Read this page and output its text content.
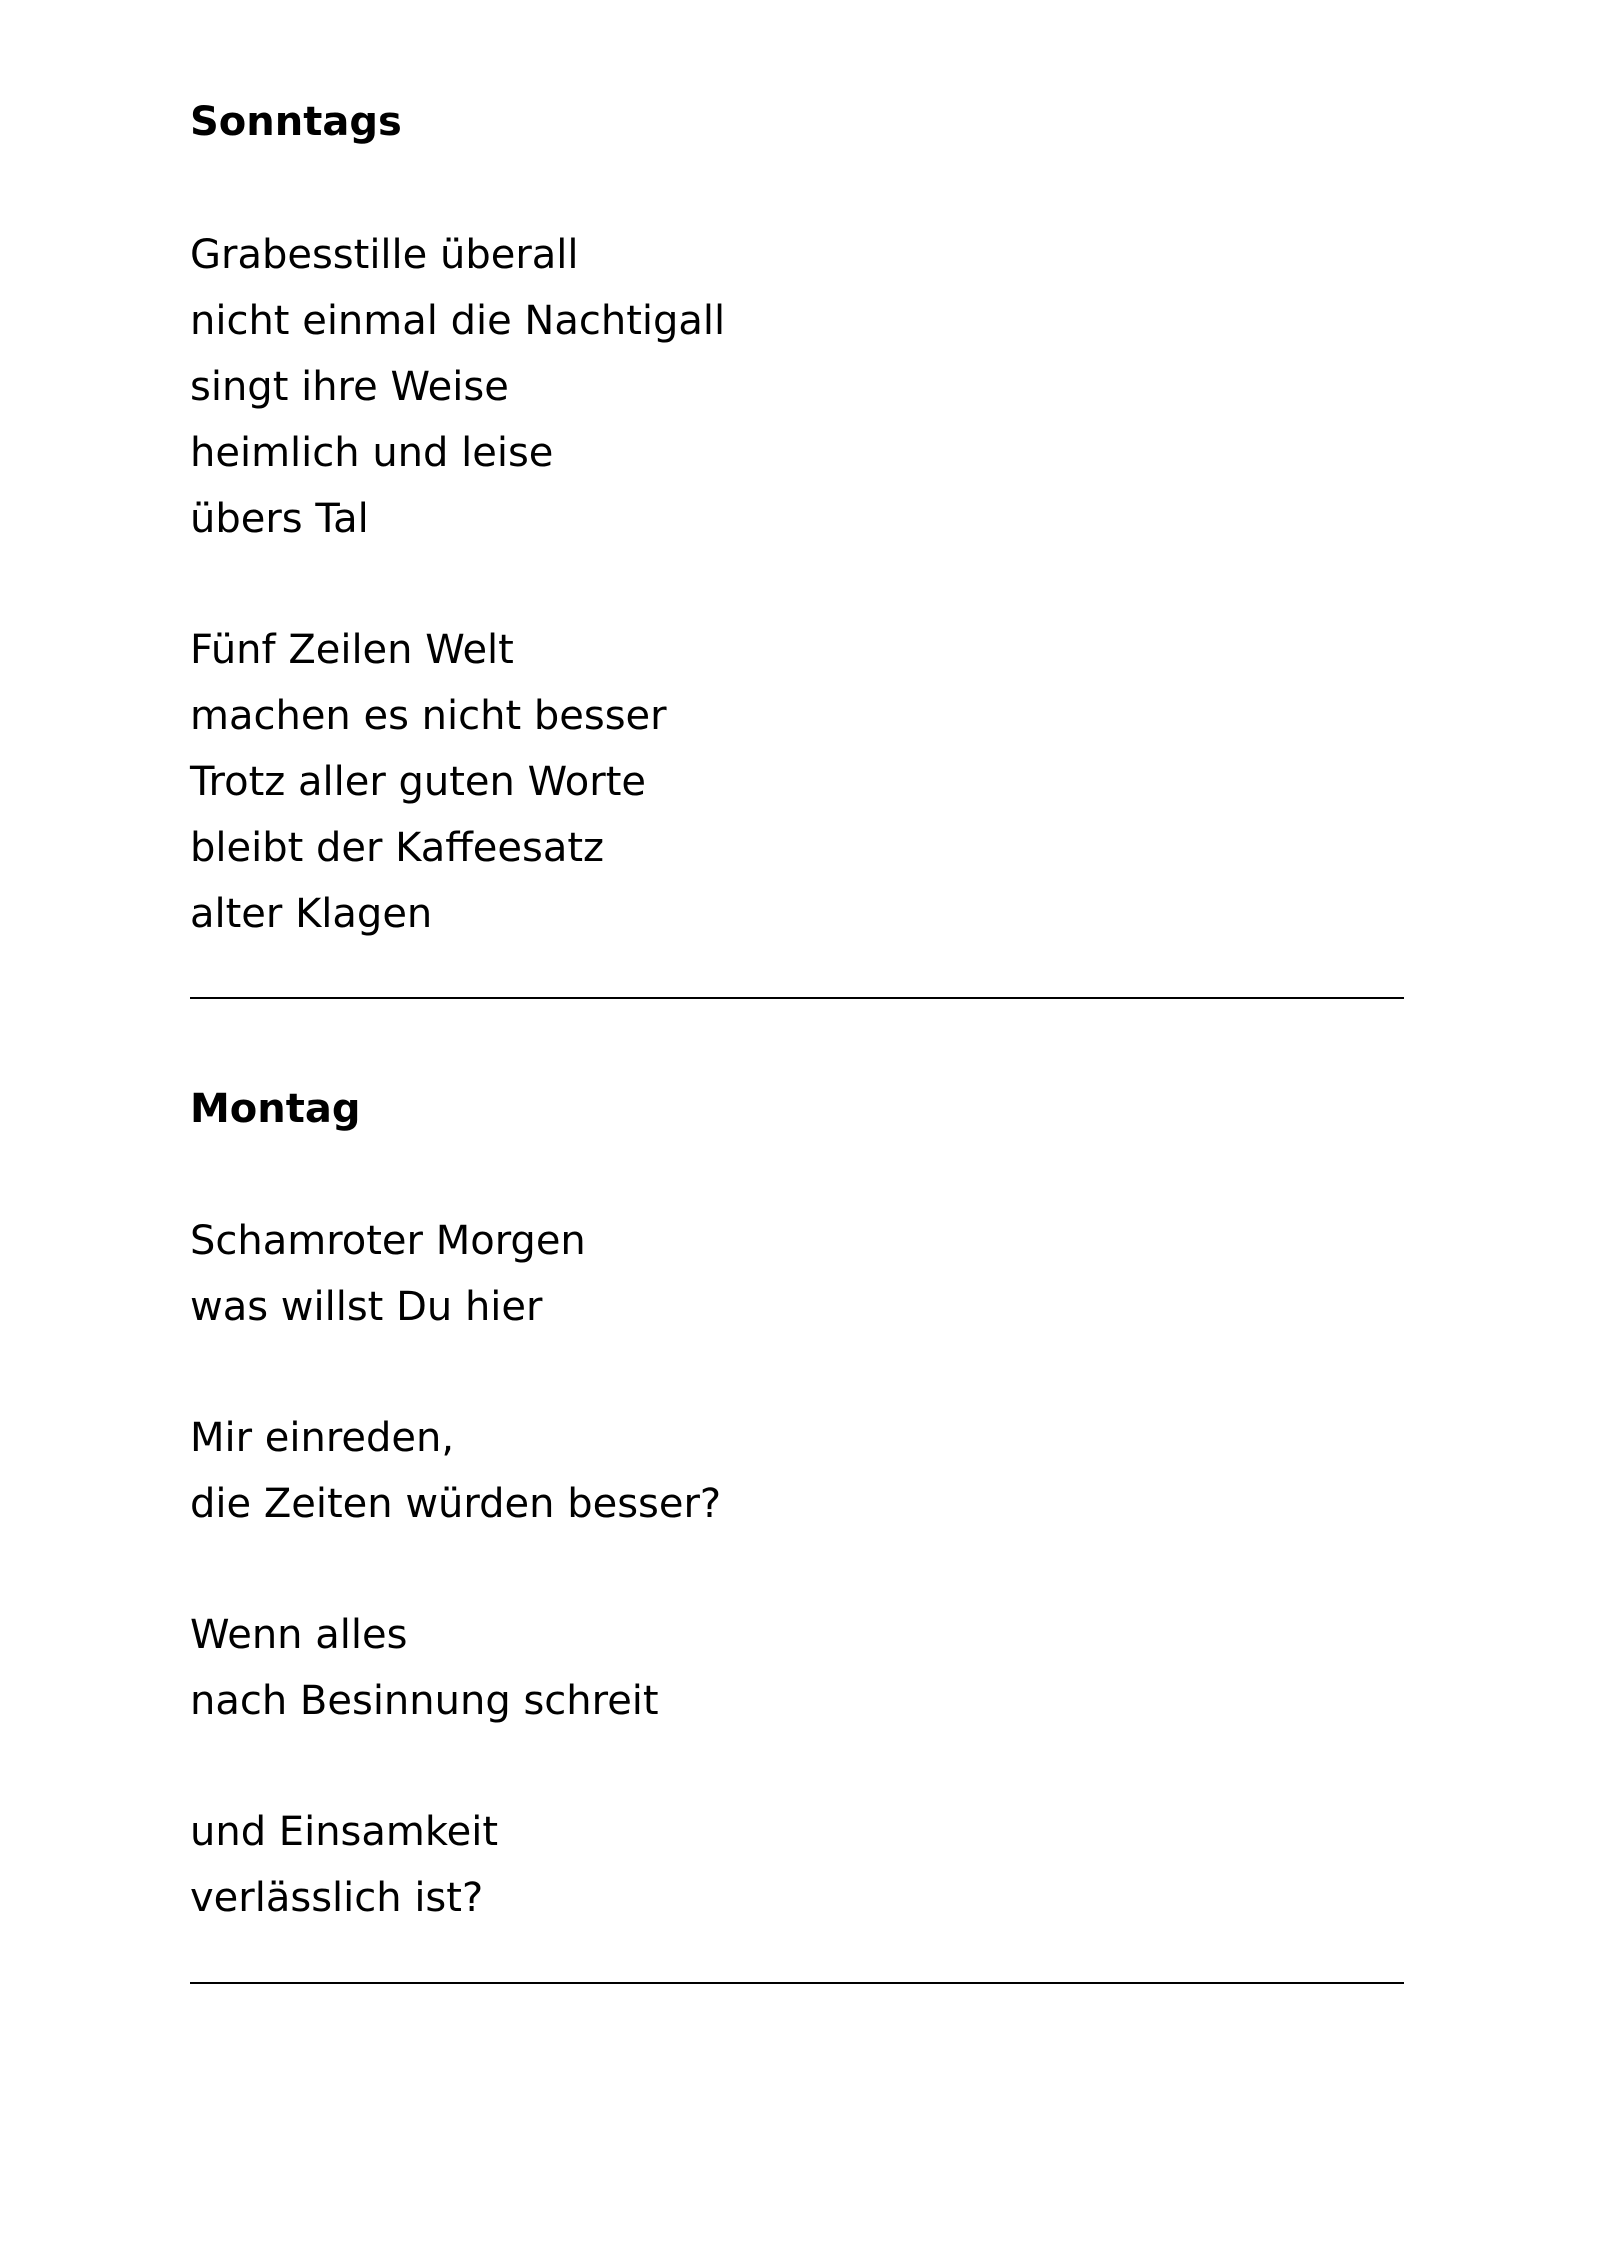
Sonntags

Grabesstille überall

nicht einmal die Nachtigall

singt ihre Weise

heimlich und leise

übers Tal

Fünf Zeilen Welt

machen es nicht besser

Trotz aller guten Worte

bleibt der Kaffeesatz

alter Klagen

Montag

Schamroter Morgen

was willst Du hier

Mir einreden,

die Zeiten würden besser?

Wenn alles

nach Besinnung schreit

und Einsamkeit

verlässlich ist?
